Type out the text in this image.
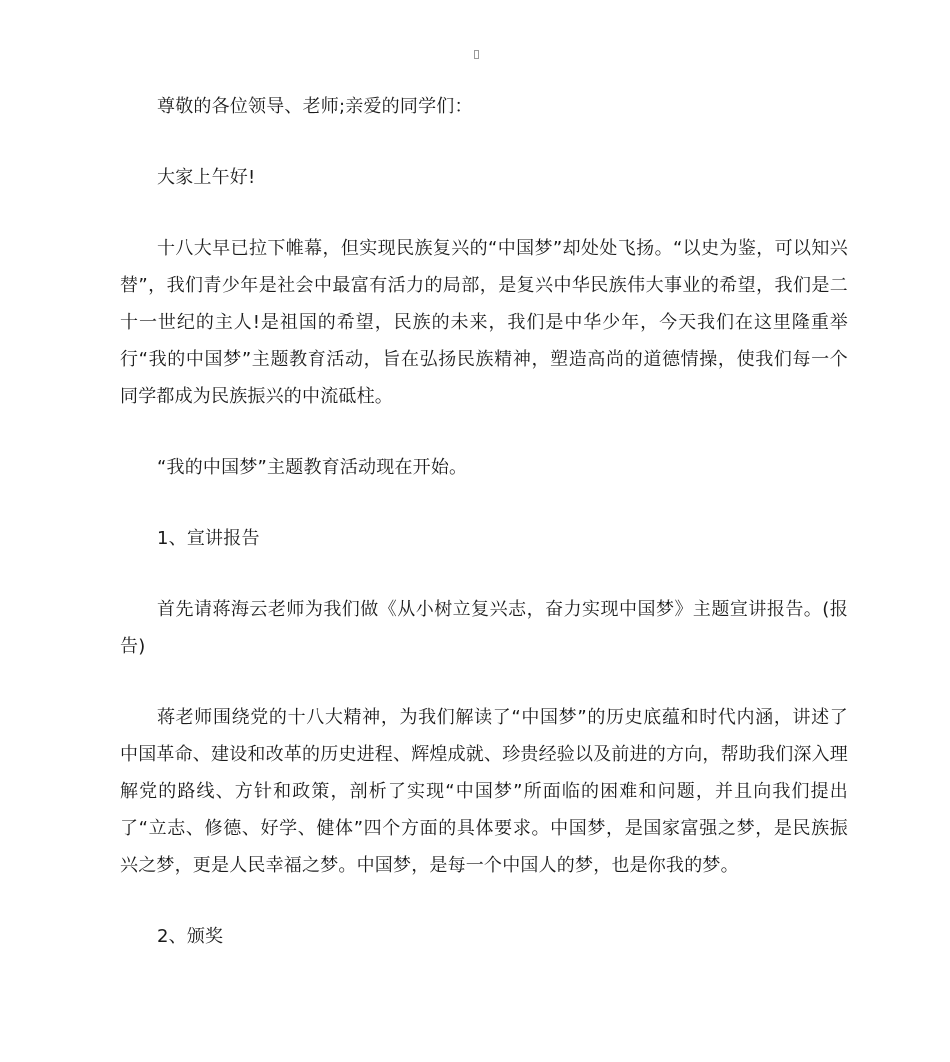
尊敬的各位领导、老师;亲爱的同学们：

大家上午好!

十八大早已拉下帷幕，但实现民族复兴的“中国梦”却处处飞扬。“以史为鉴，可以知兴替”，我们青少年是社会中最富有活力的局部，是复兴中华民族伟大事业的希望，我们是二十一世纪的主人!是祖国的希望，民族的未来，我们是中华少年，今天我们在这里隆重举行“我的中国梦”主题教育活动，旨在弘扬民族精神，塑造高尚的道德情操，使我们每一个同学都成为民族振兴的中流砥柱。

“我的中国梦”主题教育活动现在开始。

1、宣讲报告

首先请蒋海云老师为我们做《从小树立复兴志，奋力实现中国梦》主题宣讲报告。(报告)

蒋老师围绕党的十八大精神，为我们解读了“中国梦”的历史底蕴和时代内涵，讲述了中国革命、建设和改革的历史进程、辉煌成就、珍贵经验以及前进的方向，帮助我们深入理解党的路线、方针和政策，剖析了实现“中国梦”所面临的困难和问题，并且向我们提出了“立志、修德、好学、健体”四个方面的具体要求。中国梦，是国家富强之梦，是民族振兴之梦，更是人民幸福之梦。中国梦，是每一个中国人的梦，也是你我的梦。

2、颁奖
